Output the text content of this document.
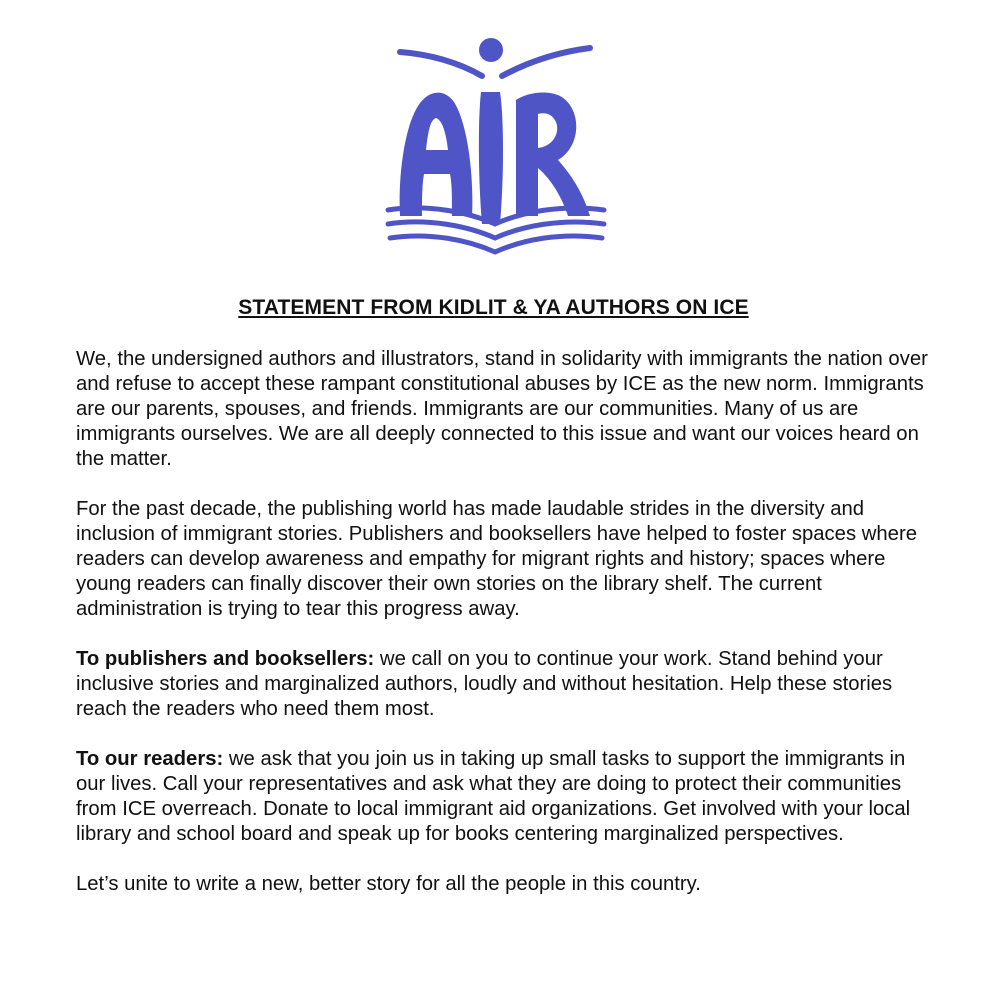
STATEMENT FROM KIDLIT & YA AUTHORS ON ICE

We, the undersigned authors and illustrators, stand in solidarity with immigrants the nation over and refuse to accept these rampant constitutional abuses by ICE as the new norm. Immigrants are our parents, spouses, and friends. Immigrants are our communities. Many of us are immigrants ourselves. We are all deeply connected to this issue and want our voices heard on the matter.

For the past decade, the publishing world has made laudable strides in the diversity and inclusion of immigrant stories. Publishers and booksellers have helped to foster spaces where readers can develop awareness and empathy for migrant rights and history; spaces where young readers can finally discover their own stories on the library shelf. The current administration is trying to tear this progress away.

To publishers and booksellers: we call on you to continue your work. Stand behind your inclusive stories and marginalized authors, loudly and without hesitation. Help these stories reach the readers who need them most.

To our readers: we ask that you join us in taking up small tasks to support the immigrants in our lives. Call your representatives and ask what they are doing to protect their communities from ICE overreach. Donate to local immigrant aid organizations. Get involved with your local library and school board and speak up for books centering marginalized perspectives.

Let’s unite to write a new, better story for all the people in this country.
